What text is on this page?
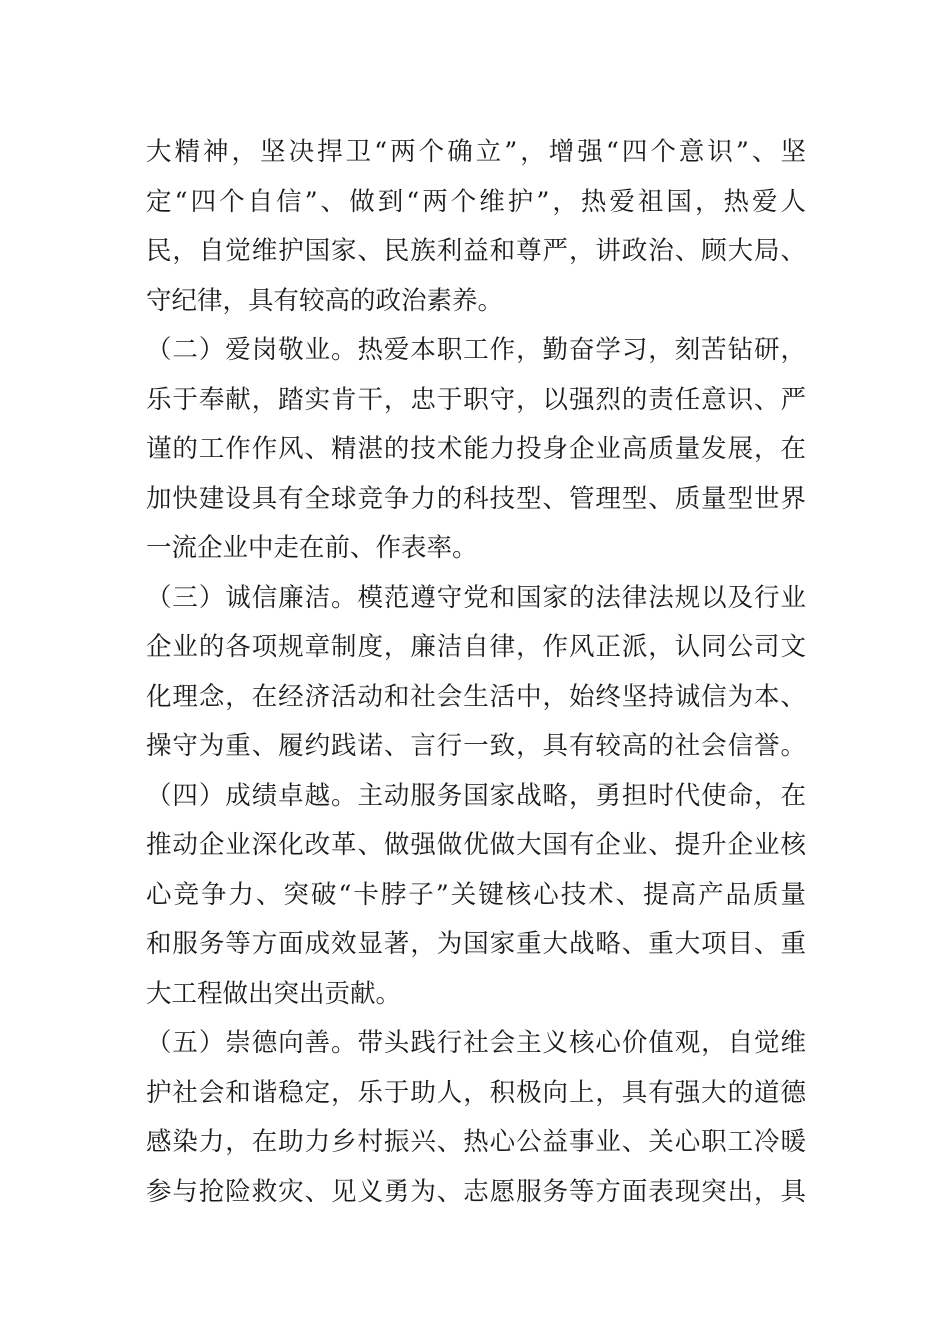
大精神，坚决捍卫“两个确立”，增强“四个意识”、坚
定“四个自信”、做到“两个维护”，热爱祖国，热爱人
民，自觉维护国家、民族利益和尊严，讲政治、顾大局、
守纪律，具有较高的政治素养。
（二）爱岗敬业。热爱本职工作，勤奋学习，刻苦钻研，
乐于奉献，踏实肯干，忠于职守，以强烈的责任意识、严
谨的工作作风、精湛的技术能力投身企业高质量发展，在
加快建设具有全球竞争力的科技型、管理型、质量型世界
一流企业中走在前、作表率。
（三）诚信廉洁。模范遵守党和国家的法律法规以及行业
企业的各项规章制度，廉洁自律，作风正派，认同公司文
化理念，在经济活动和社会生活中，始终坚持诚信为本、
操守为重、履约践诺、言行一致，具有较高的社会信誉。
（四）成绩卓越。主动服务国家战略，勇担时代使命，在
推动企业深化改革、做强做优做大国有企业、提升企业核
心竞争力、突破“卡脖子”关键核心技术、提高产品质量
和服务等方面成效显著，为国家重大战略、重大项目、重
大工程做出突出贡献。
（五）崇德向善。带头践行社会主义核心价值观，自觉维
护社会和谐稳定，乐于助人，积极向上，具有强大的道德
感染力，在助力乡村振兴、热心公益事业、关心职工冷暖
参与抢险救灾、见义勇为、志愿服务等方面表现突出，具
